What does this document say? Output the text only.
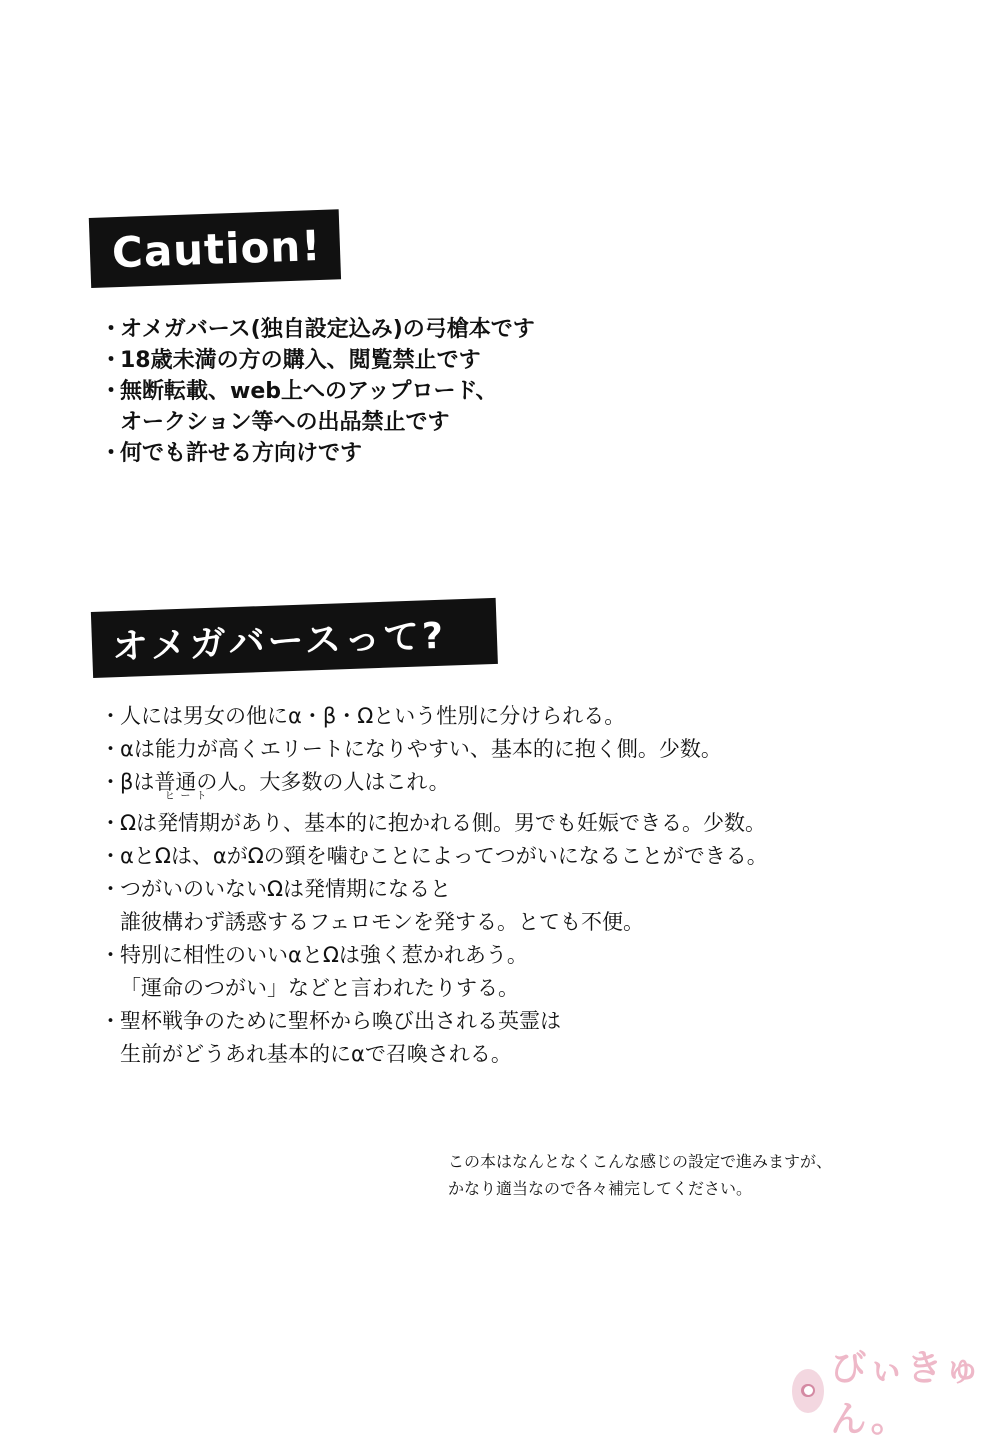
Caution!
・
オメガバース(独自設定込み)の弓槍本です
・
18歳未満の方の購入、閲覧禁止です
・
無断転載、web上へのアップロード、
オークション等への出品禁止です
・
何でも許せる方向けです
オメガバースって?
・ 人には男女の他にα・β・Ωという性別に分けられる。
・ αは能力が高くエリートになりやすい、基本的に抱く側。少数。
・ βは普通の人。大多数の人はこれ。
・ Ωは
ヒート
発情期があり、基本的に抱かれる側。男でも妊娠できる。少数。
・ αとΩは、αがΩの頸を噛むことによってつがいになることができる。
・ つがいのいないΩは発情期になると
誰彼構わず誘惑するフェロモンを発する。とても不便。
・ 特別に相性のいいαとΩは強く惹かれあう。
「運命のつがい」などと言われたりする。
・ 聖杯戦争のために聖杯から喚び出される英霊は
生前がどうあれ基本的にαで召喚される。
この本はなんとなくこんな感じの設定で進みますが、
かなり適当なので各々補完してください。
びぃきゅん。
